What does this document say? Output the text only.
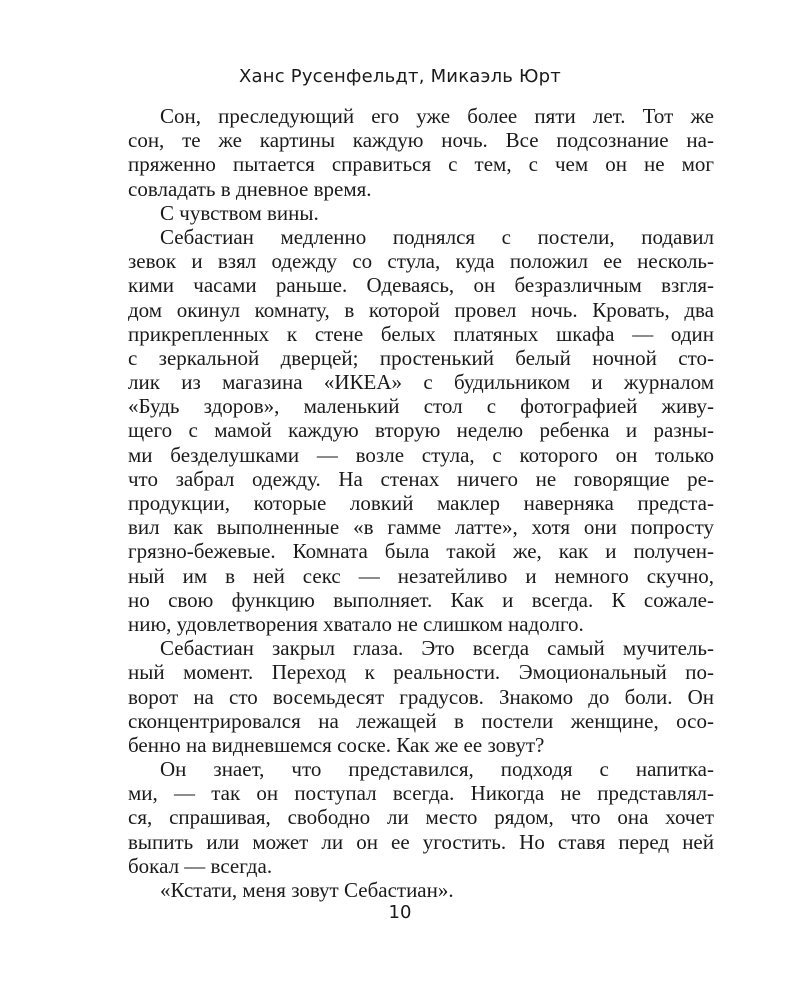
Ханс Русенфельдт, Микаэль Юрт
Сон, преследующий его уже более пяти лет. Тот же
сон, те же картины каждую ночь. Все подсознание на-
пряженно пытается справиться с тем, с чем он не мог
совладать в дневное время.
С чувством вины.
Себастиан медленно поднялся с постели, подавил
зевок и взял одежду со стула, куда положил ее несколь-
кими часами раньше. Одеваясь, он безразличным взгля-
дом окинул комнату, в которой провел ночь. Кровать, два
прикрепленных к стене белых платяных шкафа — один
с зеркальной дверцей; простенький белый ночной сто-
лик из магазина «ИКЕА» с будильником и журналом
«Будь здоров», маленький стол с фотографией живу-
щего с мамой каждую вторую неделю ребенка и разны-
ми безделушками — возле стула, с которого он только
что забрал одежду. На стенах ничего не говорящие ре-
продукции, которые ловкий маклер наверняка предста-
вил как выполненные «в гамме латте», хотя они попросту
грязно-бежевые. Комната была такой же, как и получен-
ный им в ней секс — незатейливо и немного скучно,
но свою функцию выполняет. Как и всегда. К сожале-
нию, удовлетворения хватало не слишком надолго.
Себастиан закрыл глаза. Это всегда самый мучитель-
ный момент. Переход к реальности. Эмоциональный по-
ворот на сто восемьдесят градусов. Знакомо до боли. Он
сконцентрировался на лежащей в постели женщине, осо-
бенно на видневшемся соске. Как же ее зовут?
Он знает, что представился, подходя с напитка-
ми, — так он поступал всегда. Никогда не представлял-
ся, спрашивая, свободно ли место рядом, что она хочет
выпить или может ли он ее угостить. Но ставя перед ней
бокал — всегда.
«Кстати, меня зовут Себастиан».
10
